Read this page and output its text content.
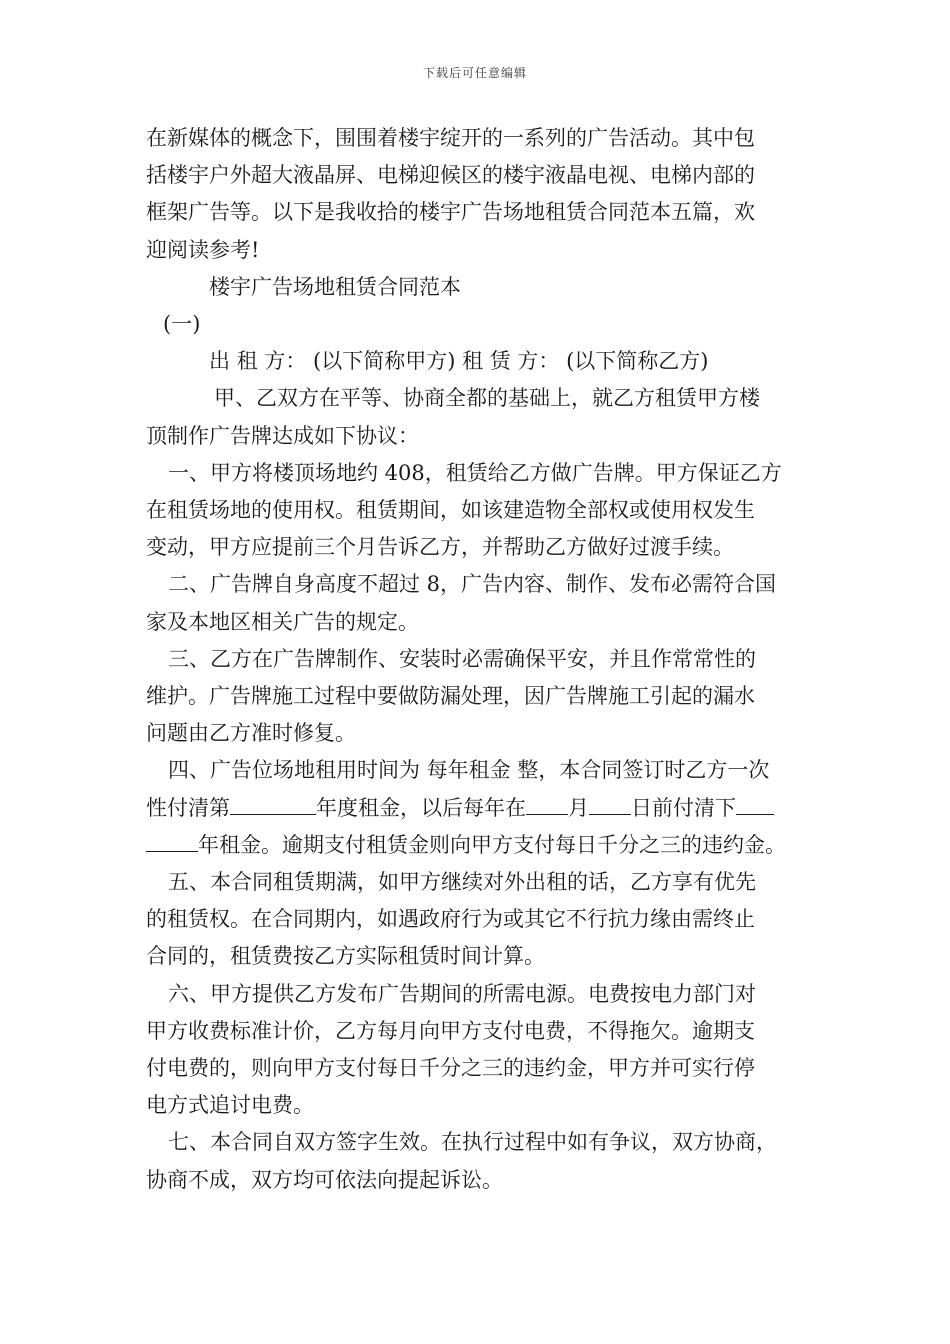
下载后可任意编辑

在新媒体的概念下，围围着楼宇绽开的一系列的广告活动。其中包

括楼宇户外超大液晶屏、电梯迎候区的楼宇液晶电视、电梯内部的

框架广告等。以下是我收拾的楼宇广告场地租赁合同范本五篇，欢

迎阅读参考!

楼宇广告场地租赁合同范本

(一)

出 租 方： (以下简称甲方) 租 赁 方： (以下简称乙方)

甲、乙双方在平等、协商全都的基础上，就乙方租赁甲方楼

顶制作广告牌达成如下协议：

一、甲方将楼顶场地约 408，租赁给乙方做广告牌。甲方保证乙方

在租赁场地的使用权。租赁期间，如该建造物全部权或使用权发生

变动，甲方应提前三个月告诉乙方，并帮助乙方做好过渡手续。

二、广告牌自身高度不超过 8，广告内容、制作、发布必需符合国

家及本地区相关广告的规定。

三、乙方在广告牌制作、安装时必需确保平安，并且作常常性的

维护。广告牌施工过程中要做防漏处理，因广告牌施工引起的漏水

问题由乙方准时修复。

四、广告位场地租用时间为 每年租金 整，本合同签订时乙方一次

性付清第	年度租金，以后每年在 月 日前付清下

年租金。逾期支付租赁金则向甲方支付每日千分之三的违约金。

五、本合同租赁期满，如甲方继续对外出租的话，乙方享有优先

的租赁权。在合同期内，如遇政府行为或其它不行抗力缘由需终止

合同的，租赁费按乙方实际租赁时间计算。

六、甲方提供乙方发布广告期间的所需电源。电费按电力部门对

甲方收费标准计价，乙方每月向甲方支付电费，不得拖欠。逾期支

付电费的，则向甲方支付每日千分之三的违约金，甲方并可实行停

电方式追讨电费。

七、本合同自双方签字生效。在执行过程中如有争议，双方协商，

协商不成，双方均可依法向提起诉讼。
